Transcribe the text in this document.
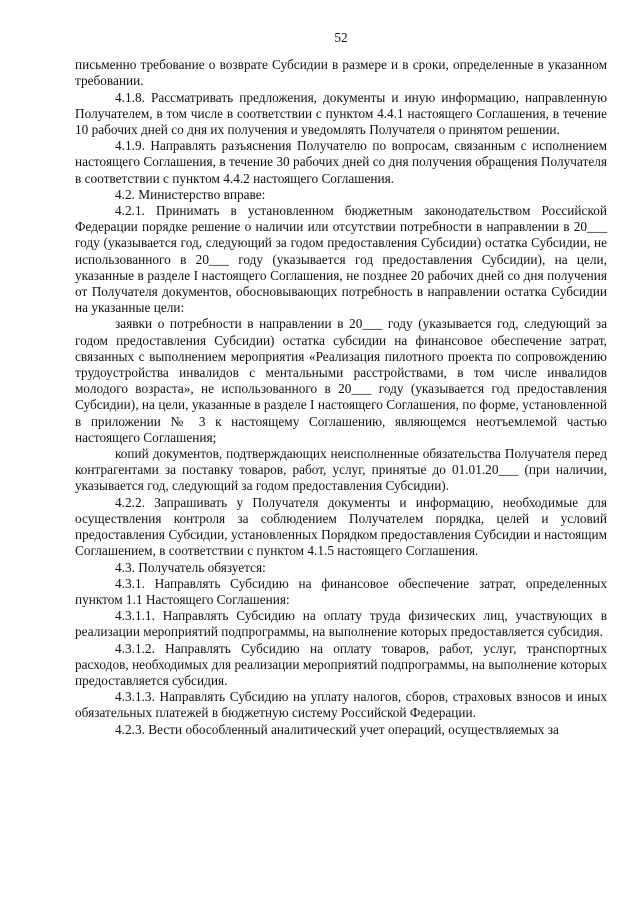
52

письменно требование о возврате Субсидии в размере и в сроки, определенные в указанном требовании.

4.1.8. Рассматривать предложения, документы и иную информацию, направленную Получателем, в том числе в соответствии с пунктом 4.4.1 настоящего Соглашения, в течение 10 рабочих дней со дня их получения и уведомлять Получателя о принятом решении.

4.1.9. Направлять разъяснения Получателю по вопросам, связанным с исполнением настоящего Соглашения, в течение 30 рабочих дней со дня получения обращения Получателя в соответствии с пунктом 4.4.2 настоящего Соглашения.

4.2. Министерство вправе:

4.2.1. Принимать в установленном бюджетным законодательством Российской Федерации порядке решение о наличии или отсутствии потребности в направлении в 20___ году (указывается год, следующий за годом предоставления Субсидии) остатка Субсидии, не использованного в 20___ году (указывается год предоставления Субсидии), на цели, указанные в разделе I настоящего Соглашения, не позднее 20 рабочих дней со дня получения от Получателя документов, обосновывающих потребность в направлении остатка Субсидии на указанные цели:

заявки о потребности в направлении в 20___ году (указывается год, следующий за годом предоставления Субсидии) остатка субсидии на финансовое обеспечение затрат, связанных с выполнением мероприятия «Реализация пилотного проекта по сопровождению трудоустройства инвалидов с ментальными расстройствами, в том числе инвалидов молодого возраста», не использованного в 20___ году (указывается год предоставления Субсидии), на цели, указанные в разделе I настоящего Соглашения, по форме, установленной в приложении № 3 к настоящему Соглашению, являющемся неотъемлемой частью настоящего Соглашения;

копий документов, подтверждающих неисполненные обязательства Получателя перед контрагентами за поставку товаров, работ, услуг, принятые до 01.01.20___ (при наличии, указывается год, следующий за годом предоставления Субсидии).

4.2.2. Запрашивать у Получателя документы и информацию, необходимые для осуществления контроля за соблюдением Получателем порядка, целей и условий предоставления Субсидии, установленных Порядком предоставления Субсидии и настоящим Соглашением, в соответствии с пунктом 4.1.5 настоящего Соглашения.

4.3. Получатель обязуется:

4.3.1. Направлять Субсидию на финансовое обеспечение затрат, определенных пунктом 1.1 Настоящего Соглашения:

4.3.1.1. Направлять Субсидию на оплату труда физических лиц, участвующих в реализации мероприятий подпрограммы, на выполнение которых предоставляется субсидия.

4.3.1.2. Направлять Субсидию на оплату товаров, работ, услуг, транспортных расходов, необходимых для реализации мероприятий подпрограммы, на выполнение которых предоставляется субсидия.

4.3.1.3. Направлять Субсидию на уплату налогов, сборов, страховых взносов и иных обязательных платежей в бюджетную систему Российской Федерации.

4.2.3. Вести обособленный аналитический учет операций, осуществляемых за
